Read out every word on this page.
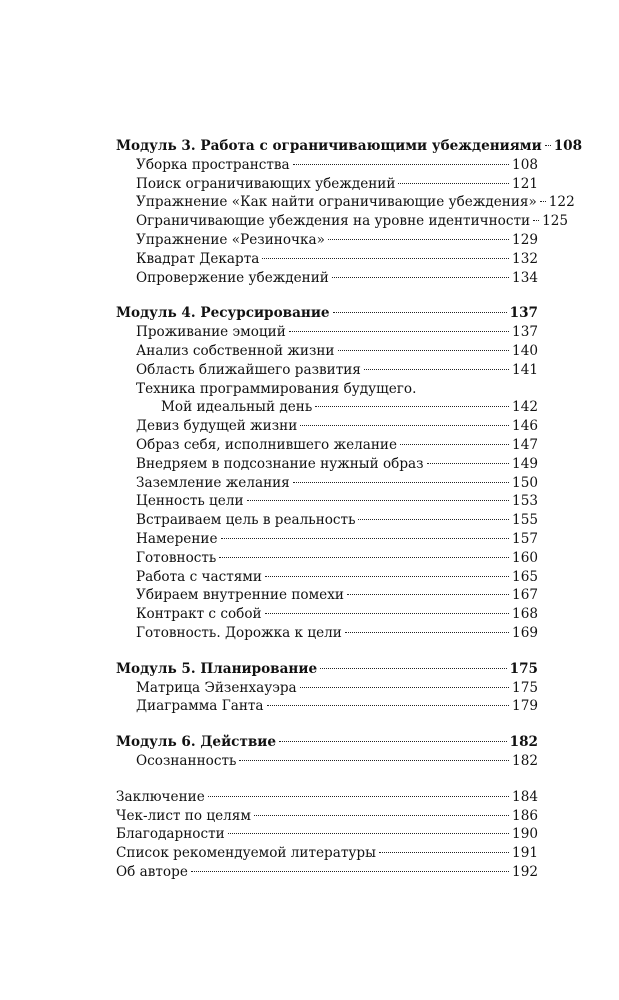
Модуль 3. Работа с ограничивающими убеждениями 108
Уборка пространства	108
Поиск ограничивающих убеждений	121
Упражнение «Как найти ограничивающие убеждения» 122
Ограничивающие убеждения на уровне идентичности 125
Упражнение «Резиночка»	129
Квадрат Декарта	132
Опровержение убеждений	134
Модуль 4. Ресурсирование	137
Проживание эмоций	137
Анализ собственной жизни	140
Область ближайшего развития	141
Техника программирования будущего.
Мой идеальный день	142
Девиз будущей жизни	146
Образ себя, исполнившего желание	147
Внедряем в подсознание нужный образ	149
Заземление желания	150
Ценность цели	153
Встраиваем цель в реальность	155
Намерение	157
Готовность	160
Работа с частями	165
Убираем внутренние помехи	167
Контракт с собой	168
Готовность. Дорожка к цели	169
Модуль 5. Планирование	175
Матрица Эйзенхауэра	175
Диаграмма Ганта	179
Модуль 6. Действие	182
Осознанность	182
Заключение	184
Чек-лист по целям	186
Благодарности	190
Список рекомендуемой литературы	191
Об авторе	192
